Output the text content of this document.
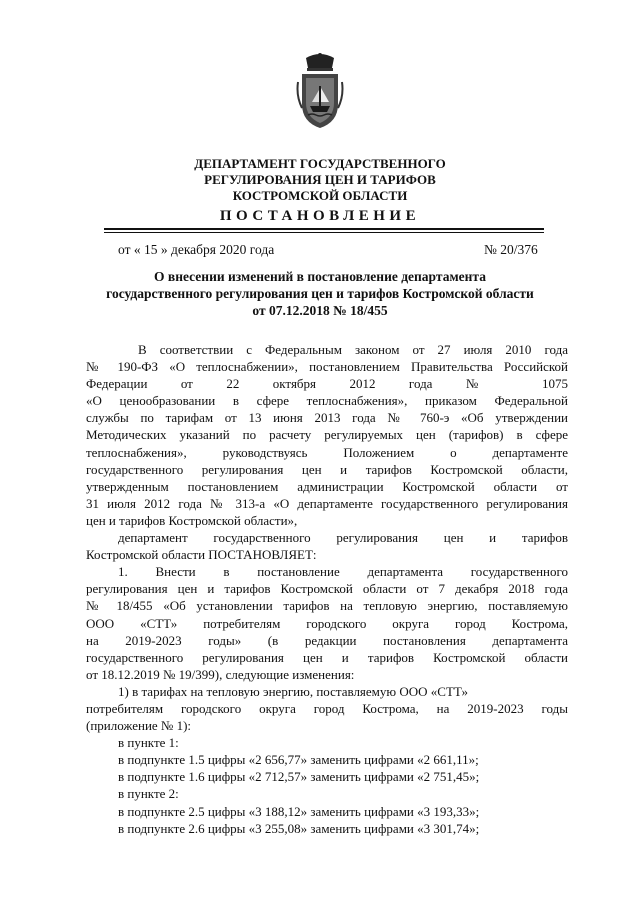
ДЕПАРТАМЕНТ ГОСУДАРСТВЕННОГО
РЕГУЛИРОВАНИЯ ЦЕН И ТАРИФОВ
КОСТРОМСКОЙ ОБЛАСТИ
ПОСТАНОВЛЕНИЕ
от « 15 » декабря 2020 года	№ 20/376
О внесении изменений в постановление департамента
государственного регулирования цен и тарифов Костромской области
от 07.12.2018 № 18/455
В соответствии с Федеральным законом от 27 июля 2010 года
№ 190-ФЗ «О теплоснабжении», постановлением Правительства Российской
Федерации от 22 октября 2012 года № 1075
«О ценообразовании в сфере теплоснабжения», приказом Федеральной
службы по тарифам от 13 июня 2013 года № 760-э «Об утверждении
Методических указаний по расчету регулируемых цен (тарифов) в сфере
теплоснабжения», руководствуясь Положением о департаменте
государственного регулирования цен и тарифов Костромской области,
утвержденным постановлением администрации Костромской области от
31 июля 2012 года № 313-а «О департаменте государственного регулирования
цен и тарифов Костромской области»,
департамент государственного регулирования цен и тарифов
Костромской области ПОСТАНОВЛЯЕТ:
1. Внести в постановление департамента государственного
регулирования цен и тарифов Костромской области от 7 декабря 2018 года
№ 18/455 «Об установлении тарифов на тепловую энергию, поставляемую
ООО «СТТ» потребителям городского округа город Кострома,
на 2019-2023 годы» (в редакции постановления департамента
государственного регулирования цен и тарифов Костромской области
от 18.12.2019 № 19/399), следующие изменения:
1) в тарифах на тепловую энергию, поставляемую ООО «СТТ»
потребителям городского округа город Кострома, на 2019-2023 годы
(приложение № 1):
в пункте 1:
в подпункте 1.5 цифры «2 656,77» заменить цифрами «2 661,11»;
в подпункте 1.6 цифры «2 712,57» заменить цифрами «2 751,45»;
в пункте 2:
в подпункте 2.5 цифры «3 188,12» заменить цифрами «3 193,33»;
в подпункте 2.6 цифры «3 255,08» заменить цифрами «3 301,74»;
